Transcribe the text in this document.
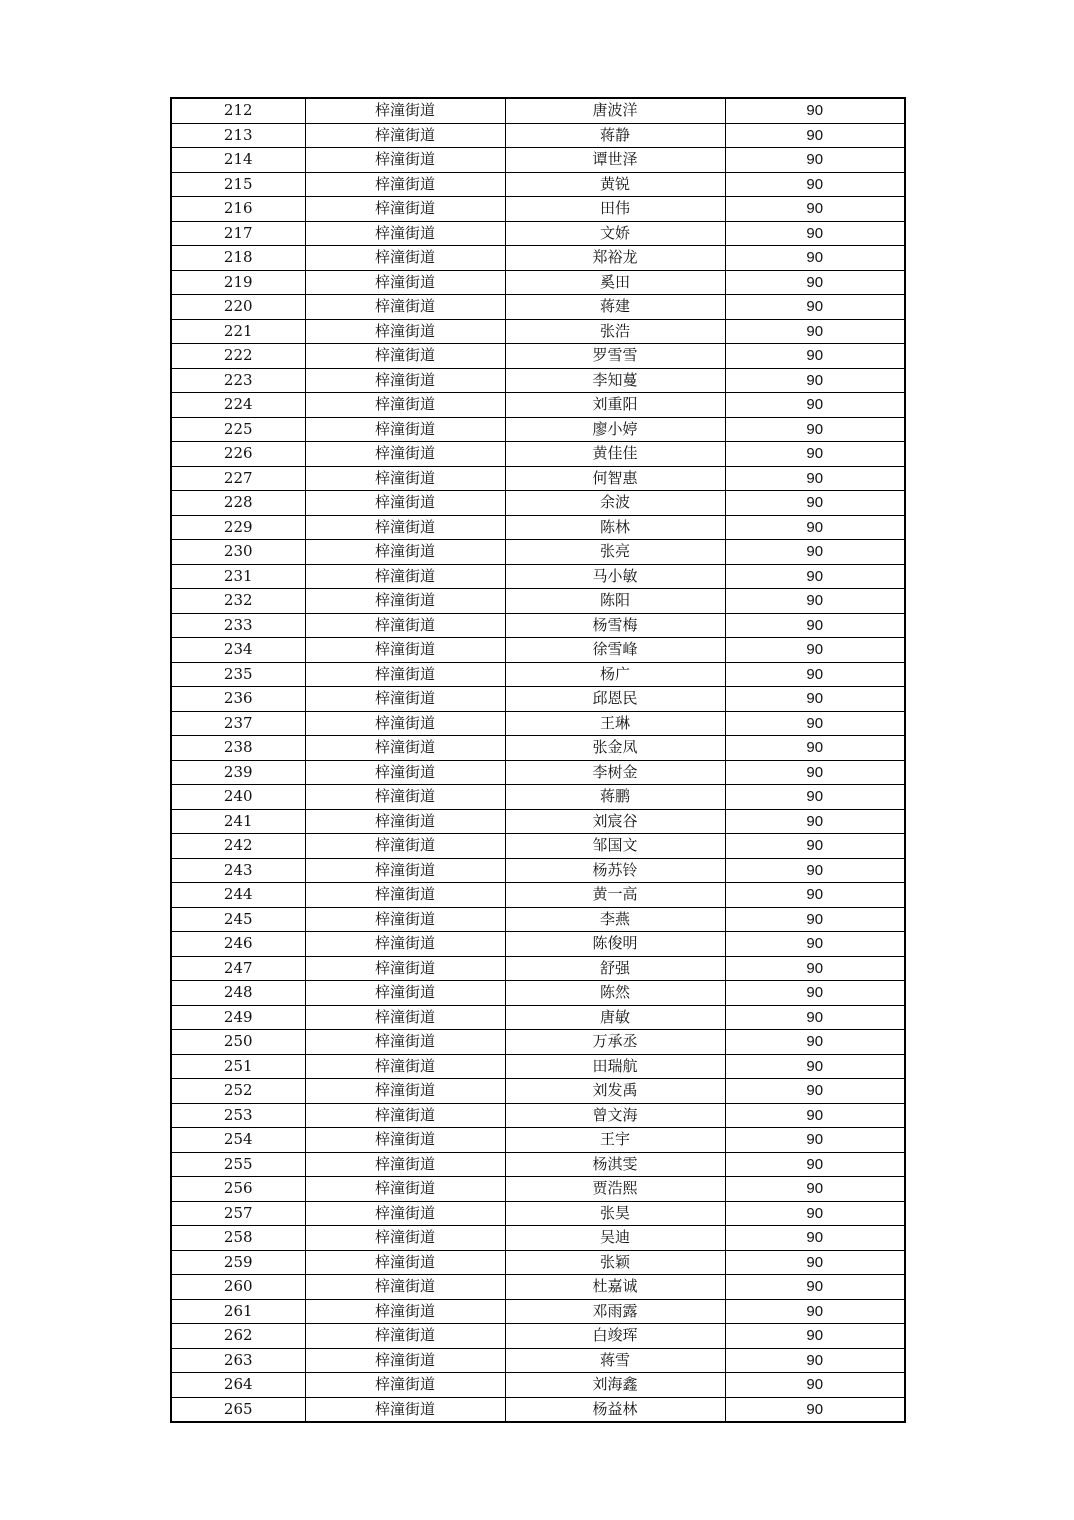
212	梓潼街道	唐波洋	90
213	梓潼街道	蒋静	90
214	梓潼街道	谭世泽	90
215	梓潼街道	黄锐	90
216	梓潼街道	田伟	90
217	梓潼街道	文娇	90
218	梓潼街道	郑裕龙	90
219	梓潼街道	奚田	90
220	梓潼街道	蒋建	90
221	梓潼街道	张浩	90
222	梓潼街道	罗雪雪	90
223	梓潼街道	李知蔓	90
224	梓潼街道	刘重阳	90
225	梓潼街道	廖小婷	90
226	梓潼街道	黄佳佳	90
227	梓潼街道	何智惠	90
228	梓潼街道	余波	90
229	梓潼街道	陈林	90
230	梓潼街道	张亮	90
231	梓潼街道	马小敏	90
232	梓潼街道	陈阳	90
233	梓潼街道	杨雪梅	90
234	梓潼街道	徐雪峰	90
235	梓潼街道	杨广	90
236	梓潼街道	邱恩民	90
237	梓潼街道	王琳	90
238	梓潼街道	张金凤	90
239	梓潼街道	李树金	90
240	梓潼街道	蒋鹏	90
241	梓潼街道	刘宸谷	90
242	梓潼街道	邹国文	90
243	梓潼街道	杨苏铃	90
244	梓潼街道	黄一高	90
245	梓潼街道	李燕	90
246	梓潼街道	陈俊明	90
247	梓潼街道	舒强	90
248	梓潼街道	陈然	90
249	梓潼街道	唐敏	90
250	梓潼街道	万承丞	90
251	梓潼街道	田瑞航	90
252	梓潼街道	刘发禹	90
253	梓潼街道	曾文海	90
254	梓潼街道	王宇	90
255	梓潼街道	杨淇雯	90
256	梓潼街道	贾浩熙	90
257	梓潼街道	张昊	90
258	梓潼街道	吴迪	90
259	梓潼街道	张颖	90
260	梓潼街道	杜嘉诚	90
261	梓潼街道	邓雨露	90
262	梓潼街道	白竣珲	90
263	梓潼街道	蒋雪	90
264	梓潼街道	刘海鑫	90
265	梓潼街道	杨益林	90
